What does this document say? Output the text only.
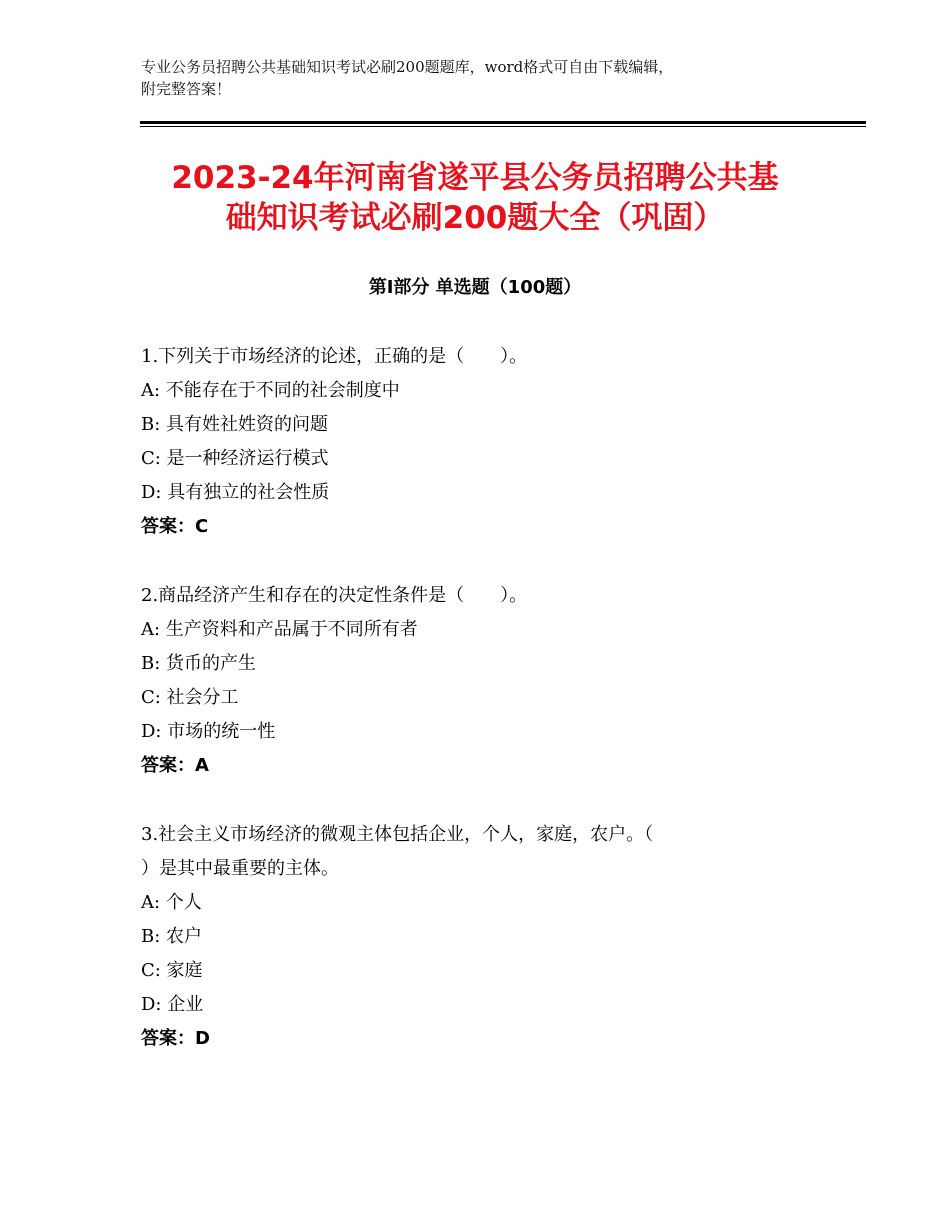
专业公务员招聘公共基础知识考试必刷200题题库，word格式可自由下载编辑，
附完整答案！
2023-24年河南省遂平县公务员招聘公共基
础知识考试必刷200题大全（巩固）
第Ⅰ部分 单选题（100题）
1.下列关于市场经济的论述，正确的是（　　）。
A: 不能存在于不同的社会制度中
B: 具有姓社姓资的问题
C: 是一种经济运行模式
D: 具有独立的社会性质
答案：C
2.商品经济产生和存在的决定性条件是（　　）。
A: 生产资料和产品属于不同所有者
B: 货币的产生
C: 社会分工
D: 市场的统一性
答案：A
3.社会主义市场经济的微观主体包括企业，个人，家庭，农户。（
）是其中最重要的主体。
A: 个人
B: 农户
C: 家庭
D: 企业
答案：D
